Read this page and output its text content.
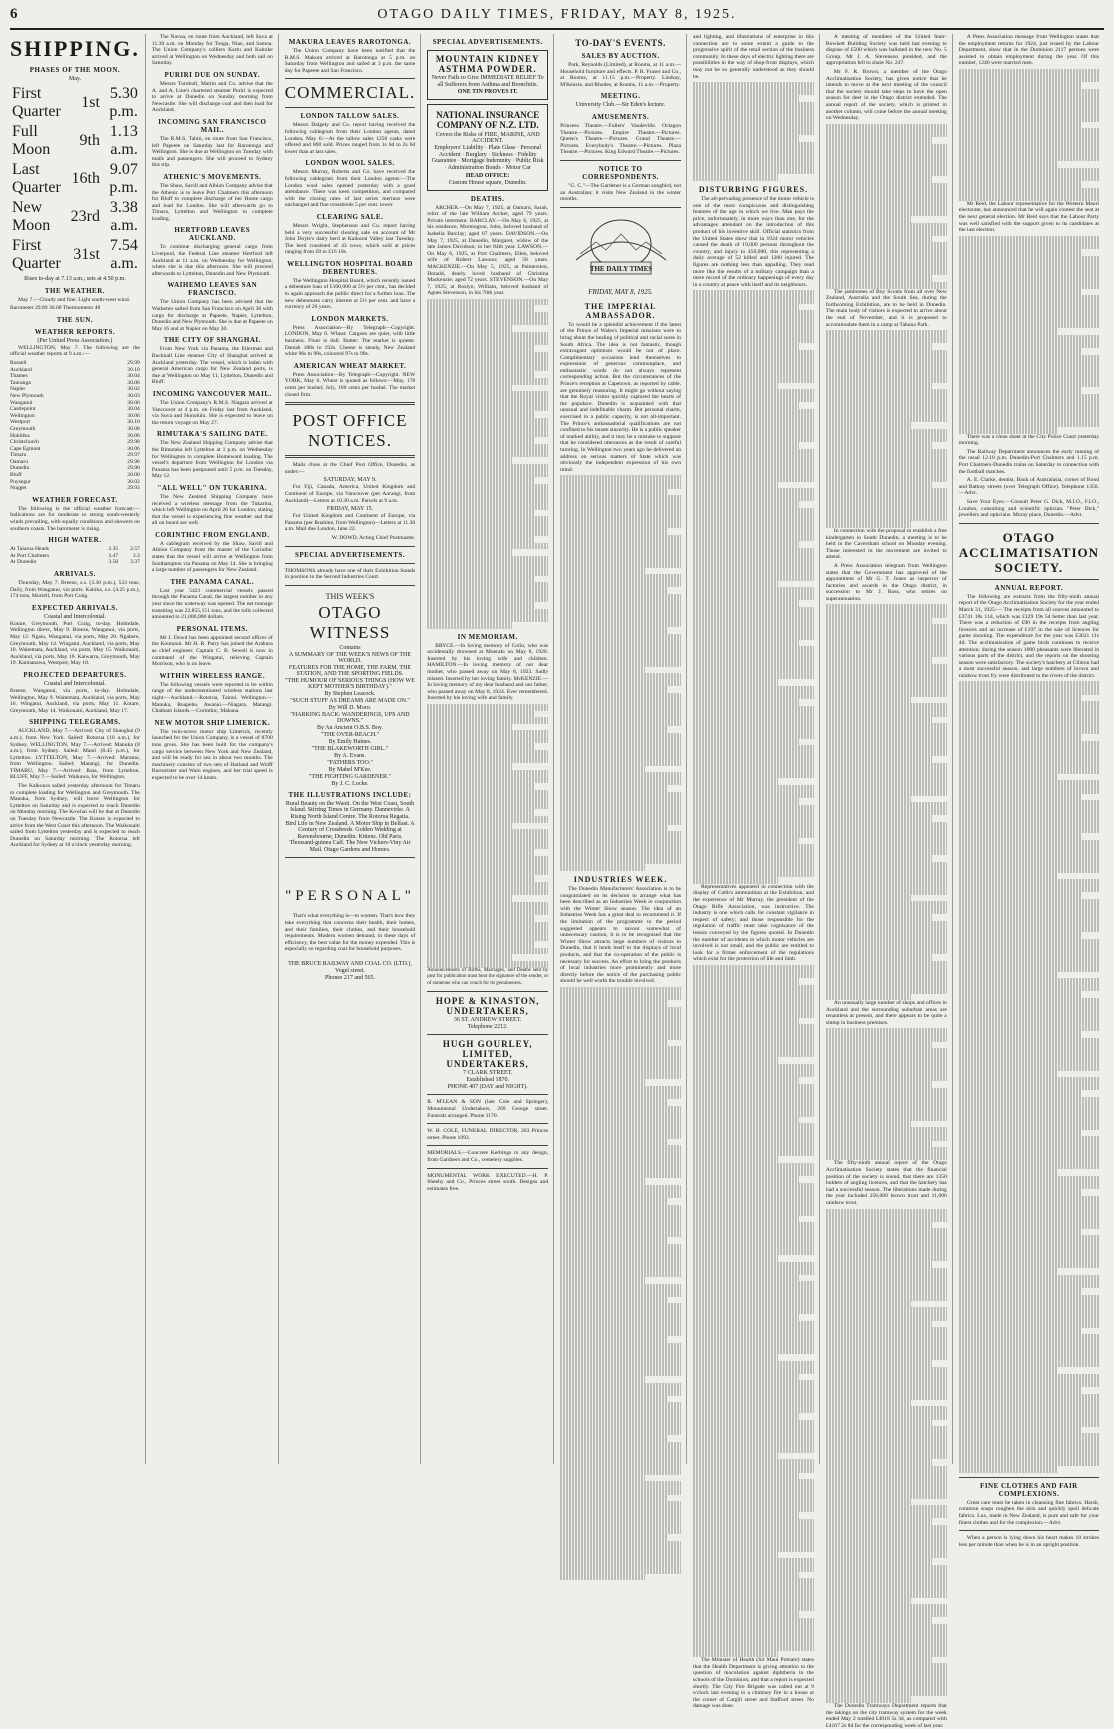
6	OTAGO DAILY TIMES, FRIDAY, MAY 8, 1925.
SHIPPING.
PHASES OF THE MOON.
May.
First Quarter	1st	5.30 p.m.
Full Moon	9th	1.13 a.m.
Last Quarter	16th	9.07 p.m.
New Moon	23rd	3.38 a.m.
First Quarter	31st	7.54 a.m.

Rises to-day at 7.13 a.m.; sets at 4.50 p.m.

THE WEATHER.

May 7.—Cloudy and fine. Light south-west wind.

Barometer 29.89 30.00 Thermometer 48

THE SUN.
WEATHER REPORTS.
(Per United Press Association.)

WELLINGTON, May 7. The following are the official weather reports at 9 a.m.:—

Russell	29.99
Auckland	30.10
Thames	30.04
Tauranga	30.06
Napier	30.02
New Plymouth	30.03
Wanganui	30.06
Castlepoint	30.04
Wellington	30.06
Westport	30.10
Greymouth	30.08
Hokitika	30.06
Christchurch	29.98
Cape Egmont	30.06
Timaru	29.97
Oamaru	29.96
Dunedin	29.90
Bluff	30.00
Puysegur	30.02
Nugget	29.93
WEATHER FORECAST.

The following is the official weather forecast:—Indications are for moderate to strong south-westerly winds prevailing, with squally conditions and showers on southern coasts. The barometer is rising.

HIGH WATER.
At Taiaroa Heads	2.35	2.57
At Port Chalmers	3.47	3.3
At Dunedin	3.50	3.37
ARRIVALS.

Thursday, May 7. Breeze, s.s. (3.30 p.m.), 533 tons, Daily, from Wanganui, via ports. Kahika, s.s. (4.25 p.m.), 174 tons, Murrell, from Port Craig.

EXPECTED ARRIVALS.
Coastal and Intercolonial.

Kotare, Greymouth, Port Craig, to-day. Holmdale, Wellington direct, May 9. Breeze, Wanganui, via ports, May 12. Ngaio, Wanganui, via ports, May 20. Ngahere, Greymouth, May 14. Wingatui, Auckland, via ports, May 10. Waitemata, Auckland, via ports, May 15. Waikouaiti, Auckland, via ports, May 16. Kaiwarra, Greymouth, May 19. Kaimanawa, Westport, May 18.

PROJECTED DEPARTURES.
Coastal and Intercolonial.

Breeze, Wanganui, via ports, to-day. Holmdale, Wellington, May 9. Waitemata, Auckland, via ports, May 16. Wingatui, Auckland, via ports, May 11. Kotare, Greymouth, May 14. Waikouaiti, Auckland, May 17.

SHIPPING TELEGRAMS.

AUCKLAND, May 7.—Arrived: City of Shanghai (9 a.m.), from New York. Sailed: Rotorua (10 a.m.), for Sydney. WELLINGTON, May 7.—Arrived: Manuka (8 a.m.), from Sydney. Sailed: Maori (8.45 p.m.), for Lyttelton. LYTTELTON, May 7.—Arrived: Marama, from Wellington. Sailed: Matangi, for Dunedin. TIMARU, May 7.—Arrived: Rata, from Lyttelton. BLUFF, May 7.—Sailed: Waikawa, for Wellington.

The Kaikoura sailed yesterday afternoon for Timaru to complete loading for Wellington and Greymouth. The Manuka, from Sydney, will leave Wellington for Lyttelton on Saturday and is expected to reach Dunedin on Monday morning. The Kowhai will be due at Dunedin on Tuesday from Newcastle. The Kotare is expected to arrive from the West Coast this afternoon. The Waikouaiti sailed from Lyttelton yesterday and is expected to reach Dunedin on Saturday morning. The Rotorua left Auckland for Sydney at 10 o'clock yesterday morning.

The Navua, en route from Auckland, left Suva at 11.30 a.m. on Monday for Tonga, Niue, and Samoa. The Union Company's colliers Kartu and Kaitoke arrived at Wellington on Wednesday and both sail on Saturday.

PURIRI DUE ON SUNDAY.

Messrs Turnbull, Martin and Co. advise that the A. and A. Line's chartered steamer Puriri is expected to arrive at Dunedin on Sunday morning from Newcastle. She will discharge coal and then load for Auckland.

INCOMING SAN FRANCISCO MAIL.

The R.M.S. Tahiti, en route from San Francisco, left Papeete on Saturday last for Rarotonga and Wellington. She is due at Wellington on Tuesday with mails and passengers. She will proceed to Sydney this trip.

ATHENIC'S MOVEMENTS.

The Shaw, Savill and Albion Company advise that the Athenic is to leave Port Chalmers this afternoon for Bluff to complete discharge of her Home cargo and load for London. She will afterwards go to Timaru, Lyttelton and Wellington to complete loading.

HERTFORD LEAVES AUCKLAND.

To continue discharging general cargo from Liverpool, the Federal Line steamer Hertford left Auckland at 11 a.m. on Wednesday for Wellington, where she is due this afternoon. She will proceed afterwards to Lyttelton, Dunedin and New Plymouth.

WAIHEMO LEAVES SAN FRANCISCO.

The Union Company has been advised that the Waihemo sailed from San Francisco on April 30 with cargo for discharge at Papeete, Napier, Lyttelton, Dunedin and New Plymouth. She is due at Papeete on May 16 and at Napier on May 30.

THE CITY OF SHANGHAI.

From New York via Panama, the Ellerman and Bucknall Line steamer City of Shanghai arrived at Auckland yesterday. The vessel, which is laden with general American cargo for New Zealand ports, is due at Wellington on May 11, Lyttelton, Dunedin and Bluff.

INCOMING VANCOUVER MAIL.

The Union Company's R.M.S. Niagara arrived at Vancouver at 4 p.m. on Friday last from Auckland, via Suva and Honolulu. She is expected to leave on the return voyage on May 27.

RIMUTAKA'S SAILING DATE.

The New Zealand Shipping Company advise that the Rimutaka left Lyttelton at 1 p.m. on Wednesday for Wellington to complete Homeward loading. The vessel's departure from Wellington for London via Panama has been postponed until 5 p.m. on Tuesday, May 12.

"ALL WELL" ON TUKARINA.

The New Zealand Shipping Company have received a wireless message from the Tukarina, which left Wellington on April 26 for London, stating that the vessel is experiencing fine weather and that all on board are well.

CORINTHIC FROM ENGLAND.

A cablegram received by the Shaw, Savill and Albion Company from the master of the Corinthic states that the vessel will arrive at Wellington from Southampton via Panama on May 14. She is bringing a large number of passengers for New Zealand.

THE PANAMA CANAL.

Last year 5421 commercial vessels passed through the Panama Canal, the largest number in any year since the waterway was opened. The net tonnage transiting was 22,855,151 tons, and the tolls collected amounted to 21,000,000 dollars.

PERSONAL ITEMS.

Mr J. Dowd has been appointed second officer of the Koutunui. Mr H. R. Parry has joined the Arahura as chief engineer. Captain C. B. Sewell is now in command of the Wingatui, relieving Captain Morrison, who is on leave.

WITHIN WIRELESS RANGE.

The following vessels were reported to be within range of the undermentioned wireless stations last night:—Auckland.—Rotorua, Tainui. Wellington.—Manuka, Ruapehu. Awanui.—Niagara, Matangi. Chatham Islands.—Corinthic, Mahana.

NEW MOTOR SHIP LIMERICK.

The twin-screw motor ship Limerick, recently launched for the Union Company, is a vessel of 8700 tons gross. She has been built for the company's cargo service between New York and New Zealand, and will be ready for sea in about two months. The machinery consists of two sets of Harland and Wolff Burmeister and Wain engines, and her trial speed is expected to be over 14 knots.

MAKURA LEAVES RAROTONGA.

The Union Company have been notified that the R.M.S. Makura arrived at Rarotonga at 5 p.m. on Saturday from Wellington and sailed at 3 p.m. the same day for Papeete and San Francisco.

COMMERCIAL.
LONDON TALLOW SALES.

Messrs Dalgety and Co. report having received the following cablegram from their London agents, dated London, May 6:—At the tallow sales 1250 casks were offered and 800 sold. Prices ranged from 1s 6d to 2s 6d lower than at last sales.

LONDON WOOL SALES.

Messrs Murray, Roberts and Co. have received the following cablegram from their London agents:—The London wool sales opened yesterday with a good attendance. There was keen competition, and compared with the closing rates of last series merinos were unchanged and fine crossbreds 5 per cent. lower.

CLEARING SALE.

Messrs Wright, Stephenson and Co. report having held a very successful clearing sale on account of Mr John Doyle's dairy herd at Kaikorai Valley last Tuesday. The herd consisted of 43 cows, which sold at prices ranging from £8 to £16 10s.

WELLINGTON HOSPITAL BOARD DEBENTURES.

The Wellington Hospital Board, which recently issued a debenture loan of £100,000 at 5½ per cent., has decided to again approach the public direct for a further loan. The new debentures carry interest at 5½ per cent. and have a currency of 20 years.

LONDON MARKETS.

Press Association—By Telegraph—Copyright. LONDON, May 6. Wheat: Cargoes are quiet, with little business. Flour is dull. Butter: The market is quieter. Danish 188s to 192s. Cheese is steady, New Zealand white 96s to 98s, coloured 97s to 99s.

AMERICAN WHEAT MARKET.

Press Association—By Telegraph—Copyright. NEW YORK, May 6. Wheat is quoted as follows:—May, 178 cents per bushel; July, 160 cents per bushel. The market closed firm.

POST OFFICE NOTICES.

Mails close at the Chief Post Office, Dunedin, as under:—

SATURDAY, MAY 9.

For Fiji, Canada, America, United Kingdom and Continent of Europe, via Vancouver (per Aorangi, from Auckland)—Letters at 10.30 a.m. Parcels at 9 a.m.

FRIDAY, MAY 15.

For United Kingdom and Continent of Europe, via Panama (per Ruahine, from Wellington)—Letters at 11.30 a.m. Mail due London, June 22.

W. DOWD, Acting Chief Postmaster.

SPECIAL ADVERTISEMENTS.

THOMSONS already have one of their Exhibition Stands in position in the Second Industries Court.

THIS WEEK'S
OTAGO WITNESS
Contains
A SUMMARY OF THE WEEK'S NEWS OF THE WORLD.
FEATURES FOR THE HOME, THE FARM, THE STATION, AND THE SPORTING FIELDS.
"THE HUMOUR OF SERIOUS THINGS (HOW WE KEPT MOTHER'S BIRTHDAY)."
By Stephen Leacock.
"SUCH STUFF AS DREAMS ARE MADE ON."
By Will D. Moro.
"HARKING BACK: WANDERINGS, UPS AND DOWNS."
By An Ancient O.B.S. Boy.
"THE OVER-REACH."
By Emily Haines.
"THE BLAKEWORTH GIRL."
By A. Evans.
"FATHERS TOO."
By Mabel M'Kee.
"THE FIGHTING GARDENER."
By J. C. Locke.
THE ILLUSTRATIONS INCLUDE:

Rural Beauty on the Waoti. On the West Coast, South Island. Stirring Times in Germany. Dannevirke. A Rising North Island Centre. The Rotorua Regatta. Bird Life in New Zealand. A Motor Ship in Belfast. A Century of Crossbreds. Golden Wedding at Ravensbourne, Dunedin. Kittens. Old Paris. Thousand-guinea Calf. The New Vickers-Viny Air Mail. Otago Gardens and Homes.

"PERSONAL"

That's what everything is—to women. That's how they take everything that concerns their health, their homes, and their families, their clothes, and their household requirements. Modern women demand, in these days of efficiency, the best value for the money expended. This is especially so regarding coal for household purposes.

THE BRUCE RAILWAY AND COAL CO. (LTD.),
Vogel street.
Phones 217 and 565.
SPECIAL ADVERTISEMENTS.
MOUNTAIN KIDNEY ASTHMA POWDER.

Never Fails to Give IMMEDIATE RELIEF To all Sufferers from Asthma and Bronchitis.

ONE TIN PROVES IT.
NATIONAL INSURANCE COMPANY OF N.Z. LTD.
Covers the Risks of FIRE, MARINE, AND ACCIDENT.

Employers' Liability · Plate Glass · Personal Accident · Burglary · Sickness · Fidelity Guarantee · Mortgage Indemnity · Public Risk · Administration Bonds · Motor Car

HEAD OFFICE:
Custom House square, Dunedin.
DEATHS.

ARCHER.—On May 7, 1925, at Oamaru, Sarah, relict of the late William Archer, aged 79 years. Private interment. BARCLAY.—On May 6, 1925, at his residence, Mornington, John, beloved husband of Isabella Barclay; aged 67 years. DAVIDSON.—On May 7, 1925, at Dunedin, Margaret, widow of the late James Davidson; in her 84th year. LAWSON.—On May 6, 1925, at Port Chalmers, Ellen, beloved wife of Robert Lawson; aged 58 years. MACKENZIE.—On May 5, 1925, at Palmerston, Donald, dearly loved husband of Christina Mackenzie; aged 72 years. STEVENSON.—On May 7, 1925, at Roslyn, William, beloved husband of Agnes Stevenson, in his 70th year.

IN MEMORIAM.

BRYCE.—In loving memory of Colin, who was accidentally drowned at Moeraki on May 8, 1920. Inserted by his loving wife and children. HAMILTON.—In loving memory of our dear mother, who passed away on May 8, 1923. Sadly missed. Inserted by her loving family. McKENZIE.—In loving memory of my dear husband and our father, who passed away on May 8, 1924. Ever remembered. Inserted by his loving wife and family.

Announcements of Births, Marriages, and Deaths sent by post for publication must bear the signature of the sender, or of someone who can vouch for its genuineness.

HOPE & KINASTON, UNDERTAKERS,
36 ST. ANDREW STREET.
Telephone 2212.
HUGH GOURLEY, LIMITED, UNDERTAKERS,
7 CLARK STREET.
Established 1870.
PHONE 407 (DAY and NIGHT).

R. M'LEAN & SON (late Cole and Springer), Monumental Undertakers, 269 George street. Funerals arranged. Phone 1170.

W. H. COLE, FUNERAL DIRECTOR, 203 Princes street. Phone 1093.

MEMORIALS.—Concrete Kerbings to any design, from Gardners and Co., cemetery supplies.

MONUMENTAL WORK EXECUTED.—H. P. Sheehy and Co., Princes street south. Designs and estimates free.

TO-DAY'S EVENTS.
SALES BY AUCTION.

Park, Reynolds (Limited), at Rooms, at 11 a.m.—Household furniture and effects. P. R. Fraser and Co., at Rooms, at 11.15 p.m.—Property. Lindsay, M'Kenzie, and Rhodes, at Rooms, 11 a.m.—Property.

MEETING.

University Club.—Sir Eden's lecture.

AMUSEMENTS.

Princess Theatre.—Fullers' Vaudeville. Octagon Theatre.—Pictures. Empire Theatre.—Pictures. Queen's Theatre.—Pictures. Grand Theatre.—Pictures. Everybody's Theatre.—Pictures. Plaza Theatre.—Pictures. King Edward Theatre.—Pictures.

NOTICE TO CORRESPONDENTS.

"G. C."—The Gardener is a German songbird, not an Australian; it visits New Zealand in the winter months.

THE DAILY TIMES
FRIDAY, MAY 8, 1925.
THE IMPERIAL AMBASSADOR.

To would be a splendid achievement if the latest of the Prince of Wales's Imperial missions were to bring about the healing of political and racial sores in South Africa. The idea is not fantastic, though extravagant optimism would be out of place. Complimentary occasions lend themselves to expressions of generous commonplace, and enthusiastic words do not always represent corresponding action. But the circumstances of the Prince's reception at Capetown, as reported by cable, are genuinely reassuring. It might go without saying that the Royal visitor quickly captured the hearts of the populace. Dunedin is acquainted with that unusual and indefinable charm. But personal charm, exercised in a public capacity, is not all-important. The Prince's ambassadorial qualifications are not confined to his innate sincerity. He is a public speaker of marked ability, and it may be a mistake to suppose that he considered utterances as the result of careful tutoring. In Wellington two years ago he delivered an address on serious matters of State which was obviously the independent expression of his own mind.

INDUSTRIES WEEK.

The Dunedin Manufacturers' Association is to be congratulated on its decision to arrange what has been described as an Industries Week in conjunction with the Winter Show season. The idea of an Industries Week has a great deal to recommend it. If the limitation of the programme to the period suggested appears to savour somewhat of unnecessary caution, it is to be recognised that the Winter Show attracts large numbers of visitors to Dunedin, that it lends itself to the displays of local products, and that the co-operation of the public is necessary for success. An effort to bring the products of local industries more prominently and more directly before the notice of the purchasing public should be well worth the trouble involved.

and lighting, and illustrations of enterprise in this connection are to some extent a guide to the progressive spirit of the retail section of the business community. In these days of electric lighting there are possibilities in the way of shop-front displays, which may not be so generally understood as they should be.

DISTURBING FIGURES.

The all-pervading presence of the motor vehicle is one of the most conspicuous and distinguishing features of the age in which we live. Man pays the price, unfortunately, in more ways than one, for the advantages attendant on the introduction of this product of his inventive skill. Official statistics from the United States show that in 1924 motor vehicles caused the death of 19,000 persons throughout the country, and injury to 450,000, this representing a daily average of 52 killed and 1200 injured. The figures are nothing less than appalling. They read more like the results of a military campaign than a mere record of the ordinary happenings of every day in a country at peace with itself and its neighbours.

Representatives appeared in connection with the display of Cobb's ammunition at the Exhibition, and the experience of Mr Murray, the president of the Otago Rifle Association, was instructive. The industry is one which calls for constant vigilance in respect of safety; and those responsible for the regulation of traffic must take cognisance of the lesson conveyed by the figures quoted. In Dunedin the number of accidents in which motor vehicles are involved is not small, and the public are entitled to look for a firmer enforcement of the regulations which exist for the protection of life and limb.

The Minister of Health (Sir Maui Pomare) states that the Health Department is giving attention to the question of inoculation against diphtheria in the schools of the Dominion, and that a report is expected shortly. The City Fire Brigade was called out at 9 o'clock last evening to a chimney fire in a house at the corner of Cargill street and Stafford street. No damage was done.

A meeting of members of the United Starr-Bowkett Building Society was held last evening to dispose of £500 which was balloted in the new No. 5 Group. Mr J. A. Stevenson presided, and the appropriation fell to share No. 247.

Mr F. R. Brown, a member of the Otago Acclimatisation Society, has given notice that he intends to move at the next meeting of the council that the society should take steps to have the open season for deer in the Otago district extended. The annual report of the society, which is printed in another column, will come before the annual meeting on Wednesday.

The jamborees of Boy Scouts from all over New Zealand, Australia and the South Sea, during the forthcoming Exhibition, are to be held in Dunedin. The main body of visitors is expected to arrive about the end of November, and it is proposed to accommodate them in a camp at Tahuna Park.

In connection with the proposal to establish a free kindergarten in South Dunedin, a meeting is to be held in the Caversham school on Monday evening. Those interested in the movement are invited to attend.

A Press Association telegram from Wellington states that the Government has approved of the appointment of Mr G. T. Jones as inspector of factories and awards in the Otago district, in succession to Mr J. Ross, who retires on superannuation.

An unusually large number of shops and offices in Auckland and the surrounding suburban areas are tenantless at present, and there appears to be quite a slump in business premises.

The fifty-ninth annual report of the Otago Acclimatisation Society states that the financial position of the society is sound, that there are 1350 holders of angling licences, and that the hatchery has had a successful season. The liberations made during the year included 256,000 brown trout and 11,000 rainbow trout.

The Dunedin Tramways Department reports that the takings on the city tramway system for the week ended May 2 totalled £4018 5s 3d, as compared with £4167 2s 8d for the corresponding week of last year.

A Press Association message from Wellington states that the employment returns for 1924, just issued by the Labour Department, show that in the Dominion 2117 persons were assisted to obtain employment during the year. Of this number, 1246 were married men.

Mr Reid, the Labour representative for the Western Maori electorate, has announced that he will again contest the seat at the next general election. Mr Reid says that the Labour Party was well satisfied with the support given to its candidates at the last election.

There was a clean sheet at the City Police Court yesterday morning.

The Railway Department announces the early running of the usual 12.10 p.m. Dunedin-Port Chalmers and 1.15 p.m. Port Chalmers-Dunedin trains on Saturday in connection with the football matches.

A. E. Clarke, dentist, Bank of Australasia, corner of Bond and Rattray streets (over Telegraph Office). Telephone 1350.—Advt.

Save Your Eyes.—Consult Peter G. Dick, M.I.O., F.I.O., London, consulting and scientific optician. "Peter Dick," jewellers and opticians. Moray place, Dunedin.—Advt.

OTAGO ACCLIMATISATION SOCIETY.
ANNUAL REPORT.

The following are extracts from the fifty-ninth annual report of the Otago Acclimatisation Society for the year ended March 31, 1925:— The receipts from all sources amounted to £3741 18s 11d, which was £129 19s 5d better than last year. There was a reduction of £90 in the receipts from angling licences and an increase of £197 in the sale of licences for game shooting. The expenditure for the year was £3621 11s 4d. The acclimatisation of game birds continues to receive attention; during the season 1000 pheasants were liberated in various parts of the district, and the reports on the shooting season were satisfactory. The society's hatchery at Clinton had a most successful season, and large numbers of brown and rainbow trout fry were distributed to the rivers of the district.

FINE CLOTHES AND FAIR COMPLEXIONS.

Great care must be taken in cleansing fine fabrics. Harsh, common soaps roughen the skin and quickly spoil delicate fabrics. Lux, made in New Zealand, is pure and safe for your finest clothes and for the complexion.—Advt.

When a person is lying down his heart makes 10 strokes less per minute than when he is in an upright position.
